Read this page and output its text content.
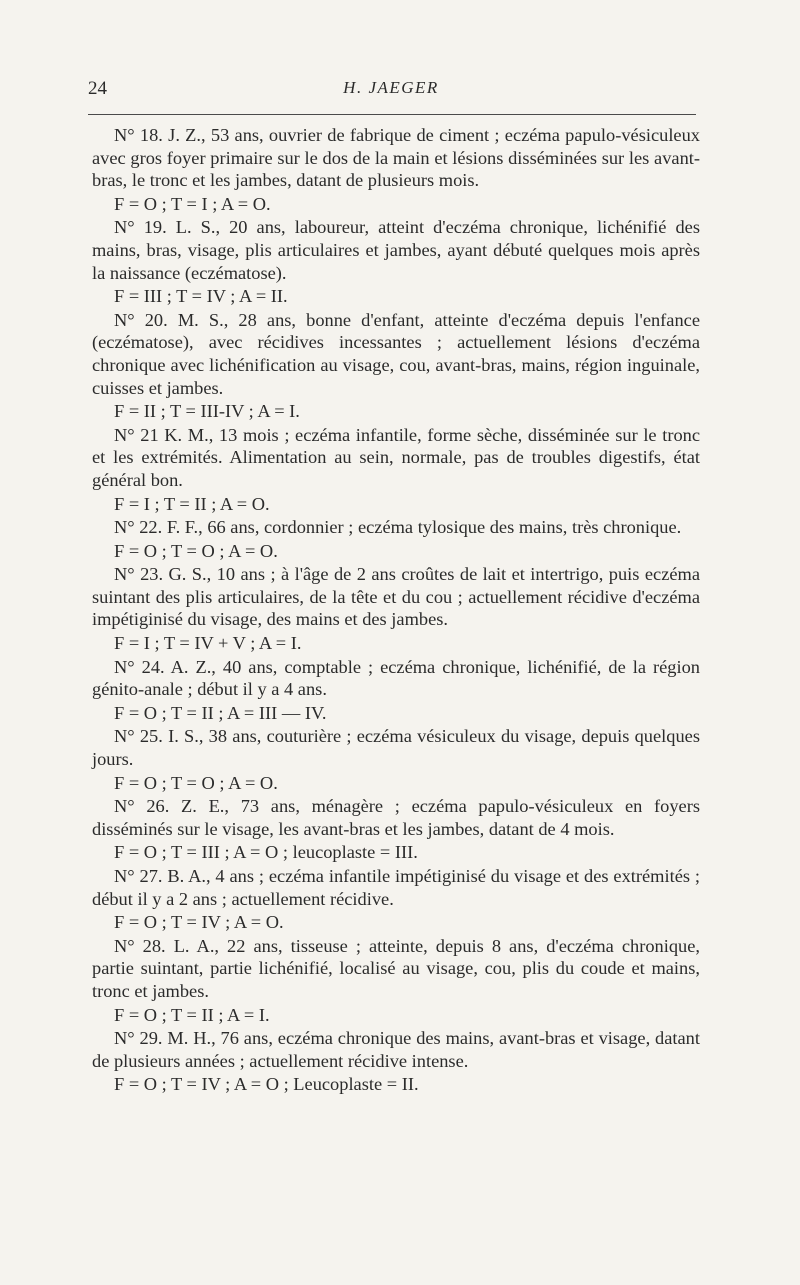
24	H. JAEGER

N° 18. J. Z., 53 ans, ouvrier de fabrique de ciment ; eczéma papulo-vésiculeux avec gros foyer primaire sur le dos de la main et lésions disséminées sur les avant-bras, le tronc et les jambes, datant de plusieurs mois.

F = O ; T = I ; A = O.

N° 19. L. S., 20 ans, laboureur, atteint d'eczéma chronique, lichénifié des mains, bras, visage, plis articulaires et jambes, ayant débuté quelques mois après la naissance (eczématose).

F = III ; T = IV ; A = II.

N° 20. M. S., 28 ans, bonne d'enfant, atteinte d'eczéma depuis l'enfance (eczématose), avec récidives incessantes ; actuellement lésions d'eczéma chronique avec lichénification au visage, cou, avant-bras, mains, région inguinale, cuisses et jambes.

F = II ; T = III-IV ; A = I.

N° 21 K. M., 13 mois ; eczéma infantile, forme sèche, disséminée sur le tronc et les extrémités. Alimentation au sein, normale, pas de troubles digestifs, état général bon.

F = I ; T = II ; A = O.

N° 22. F. F., 66 ans, cordonnier ; eczéma tylosique des mains, très chronique.

F = O ; T = O ; A = O.

N° 23. G. S., 10 ans ; à l'âge de 2 ans croûtes de lait et intertrigo, puis eczéma suintant des plis articulaires, de la tête et du cou ; actuellement récidive d'eczéma impétiginisé du visage, des mains et des jambes.

F = I ; T = IV + V ; A = I.

N° 24. A. Z., 40 ans, comptable ; eczéma chronique, lichénifié, de la région génito-anale ; début il y a 4 ans.

F = O ; T = II ; A = III — IV.

N° 25. I. S., 38 ans, couturière ; eczéma vésiculeux du visage, depuis quelques jours.

F = O ; T = O ; A = O.

N° 26. Z. E., 73 ans, ménagère ; eczéma papulo-vésiculeux en foyers disséminés sur le visage, les avant-bras et les jambes, datant de 4 mois.

F = O ; T = III ; A = O ; leucoplaste = III.

N° 27. B. A., 4 ans ; eczéma infantile impétiginisé du visage et des extrémités ; début il y a 2 ans ; actuellement récidive.

F = O ; T = IV ; A = O.

N° 28. L. A., 22 ans, tisseuse ; atteinte, depuis 8 ans, d'eczéma chronique, partie suintant, partie lichénifié, localisé au visage, cou, plis du coude et mains, tronc et jambes.

F = O ; T = II ; A = I.

N° 29. M. H., 76 ans, eczéma chronique des mains, avant-bras et visage, datant de plusieurs années ; actuellement récidive intense.

F = O ; T = IV ; A = O ; Leucoplaste = II.
